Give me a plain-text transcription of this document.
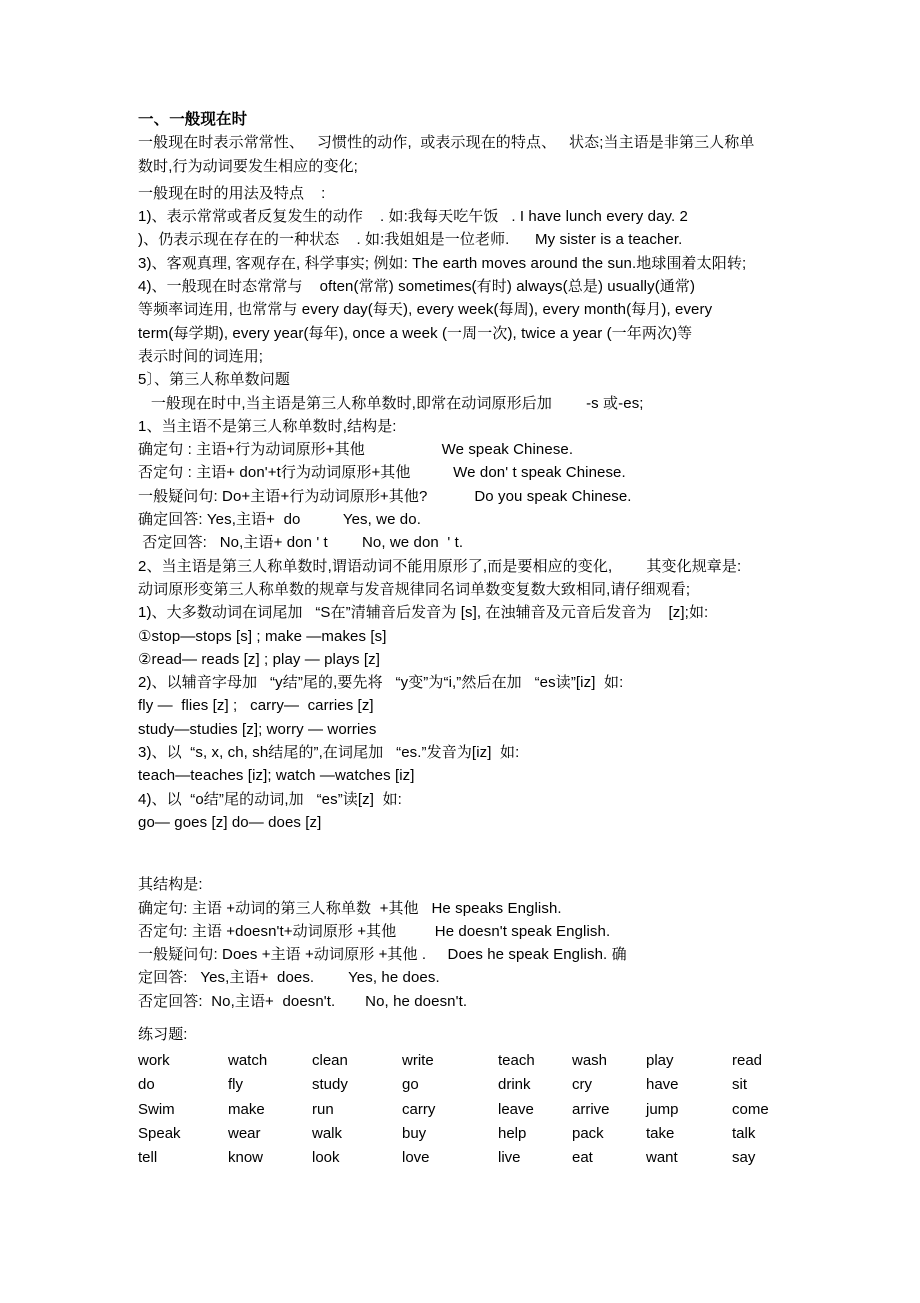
一、一般现在时
一般现在时表示常常性、   习惯性的动作,  或表示现在的特点、   状态;当主语是非第三人称单
数时,行为动词要发生相应的变化;
一般现在时的用法及特点    :
1)、表示常常或者反复发生的动作    . 如:我每天吃午饭   . I have lunch every day. 2
)、仍表示现在存在的一种状态    . 如:我姐姐是一位老师.      My sister is a teacher.
3)、客观真理, 客观存在, 科学事实; 例如: The earth moves around the sun.地球围着太阳转;
4)、一般现在时态常常与    often(常常) sometimes(有时) always(总是) usually(通常)
等频率词连用, 也常常与 every day(每天), every week(每周), every month(每月), every
term(每学期), every year(每年), once a week (一周一次), twice a year (一年两次)等
表示时间的词连用;
5〕、第三人称单数问题
一般现在时中,当主语是第三人称单数时,即常在动词原形后加        -s 或-es;
1、当主语不是第三人称单数时,结构是:
确定句 : 主语+行为动词原形+其他                  We speak Chinese.
否定句 : 主语+ don'+t行为动词原形+其他          We don' t speak Chinese.
一般疑问句: Do+主语+行为动词原形+其他?           Do you speak Chinese.
确定回答: Yes,主语+  do          Yes, we do.
否定回答:   No,主语+ don ' t        No, we don  ' t.
2、当主语是第三人称单数时,谓语动词不能用原形了,而是要相应的变化,        其变化规章是:
动词原形变第三人称单数的规章与发音规律同名词单数变复数大致相同,请仔细观看;
1)、大多数动词在词尾加   “S在”清辅音后发音为 [s], 在浊辅音及元音后发音为    [z];如:
①stop—stops [s] ; make —makes [s]
②read— reads [z] ; play — plays [z]
2)、以辅音字母加   “y结”尾的,要先将   “y变”为“i,”然后在加   “es读”[iz]  如:
fly —  flies [z] ;   carry—  carries [z]
study—studies [z]; worry — worries
3)、以  “s, x, ch, sh结尾的”,在词尾加   “es.”发音为[iz]  如:
teach—teaches [iz]; watch —watches [iz]
4)、以  “o结”尾的动词,加   “es”读[z]  如:
go— goes [z] do— does [z]
其结构是:
确定句: 主语 +动词的第三人称单数  +其他   He speaks English.
否定句: 主语 +doesn't+动词原形 +其他         He doesn't speak English.
一般疑问句: Does +主语 +动词原形 +其他 .     Does he speak English. 确
定回答:   Yes,主语+  does.        Yes, he does.
否定回答:  No,主语+  doesn't.       No, he doesn't.
练习题:
work	watch	clean	write	teach	wash	play	read
do	fly	study	go	drink	cry	have	sit
Swim	make	run	carry	leave	arrive	jump	come
Speak	wear	walk	buy	help	pack	take	talk
tell	know	look	love	live	eat	want	say
